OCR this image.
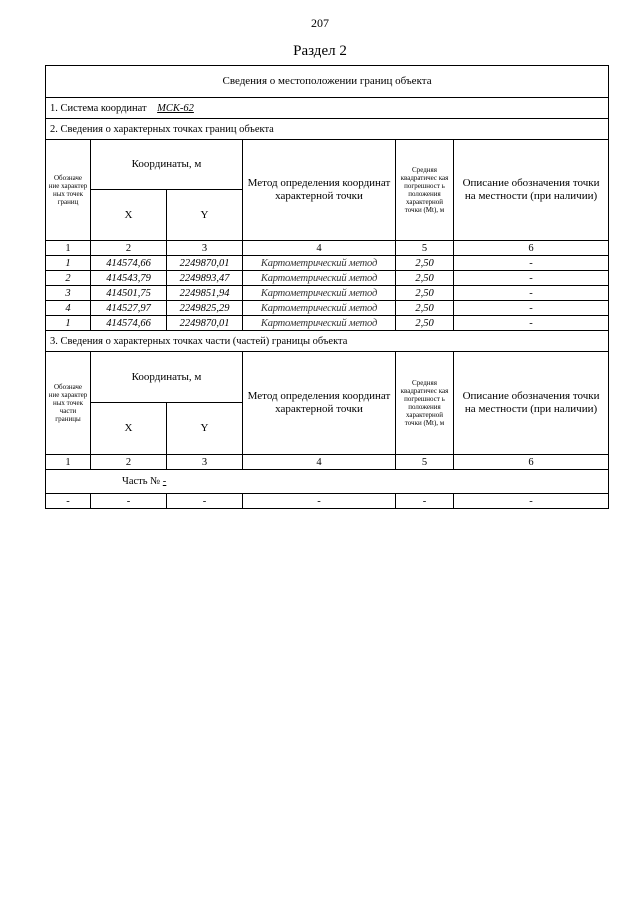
207
Раздел 2
Сведения о местоположении границ объекта					
1. Система координат МСК-62					
2. Сведения о характерных точках границ объекта					
Обозначе ние характер ных точек границ	Координаты, м		Метод определения координат характерной точки	Средняя квадратичес кая погрешност ь положения характерной точки (Mt), м	Описание обозначения точки на местности (при наличии)
	X	Y			
1	2	3	4	5	6
1	414574,66	2249870,01	Картометрический метод	2,50	-
2	414543,79	2249893,47	Картометрический метод	2,50	-
3	414501,75	2249851,94	Картометрический метод	2,50	-
4	414527,97	2249825,29	Картометрический метод	2,50	-
1	414574,66	2249870,01	Картометрический метод	2,50	-
3. Сведения о характерных точках части (частей) границы объекта					
Обозначе ние характер ных точек части границы	Координаты, м		Метод определения координат характерной точки	Средняя квадратичес кая погрешност ь положения характерной точки (Mt), м	Описание обозначения точки на местности (при наличии)
	X	Y			
1	2	3	4	5	6
Часть № -					
-	-	-	-	-	-
